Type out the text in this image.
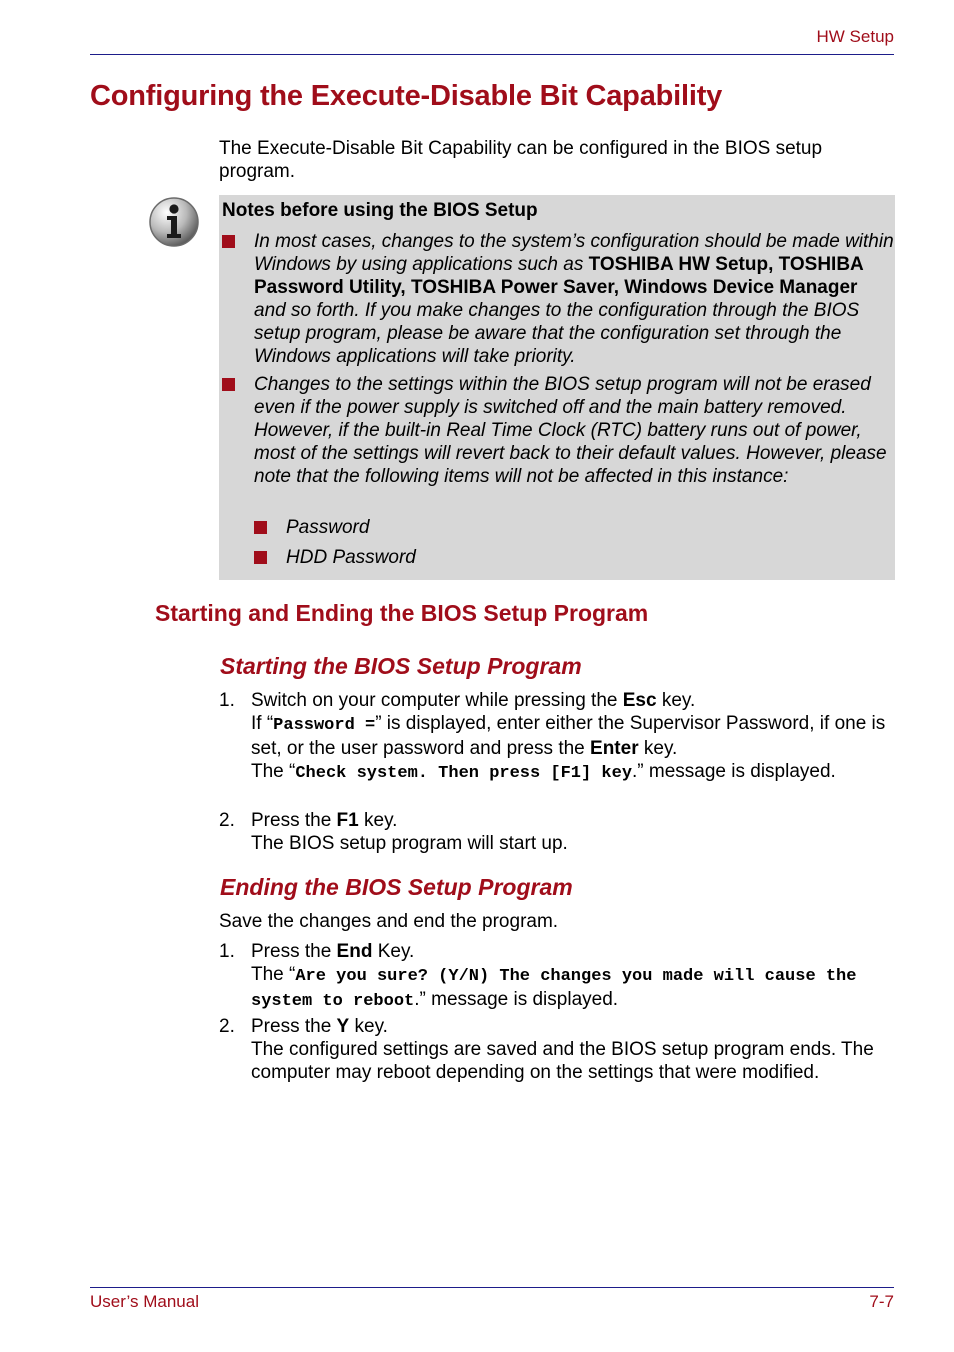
HW Setup
Configuring the Execute-Disable Bit Capability
The Execute-Disable Bit Capability can be configured in the BIOS setup program.
Notes before using the BIOS Setup
In most cases, changes to the system’s configuration should be made within Windows by using applications such as TOSHIBA HW Setup, TOSHIBA Password Utility, TOSHIBA Power Saver, Windows Device Manager and so forth. If you make changes to the configuration through the BIOS setup program, please be aware that the configuration set through the Windows applications will take priority.
Changes to the settings within the BIOS setup program will not be erased even if the power supply is switched off and the main battery removed. However, if the built-in Real Time Clock (RTC) battery runs out of power, most of the settings will revert back to their default values. However, please note that the following items will not be affected in this instance:
Password
HDD Password
Starting and Ending the BIOS Setup Program
Starting the BIOS Setup Program
1. Switch on your computer while pressing the Esc key.
If “Password =” is displayed, enter either the Supervisor Password, if one is set, or the user password and press the Enter key.
The “Check system. Then press [F1] key.” message is displayed.
2. Press the F1 key.
The BIOS setup program will start up.
Ending the BIOS Setup Program
Save the changes and end the program.
1. Press the End Key.
The “Are you sure? (Y/N) The changes you made will cause the system to reboot.” message is displayed.
2. Press the Y key.
The configured settings are saved and the BIOS setup program ends. The computer may reboot depending on the settings that were modified.
User’s Manual	7-7
